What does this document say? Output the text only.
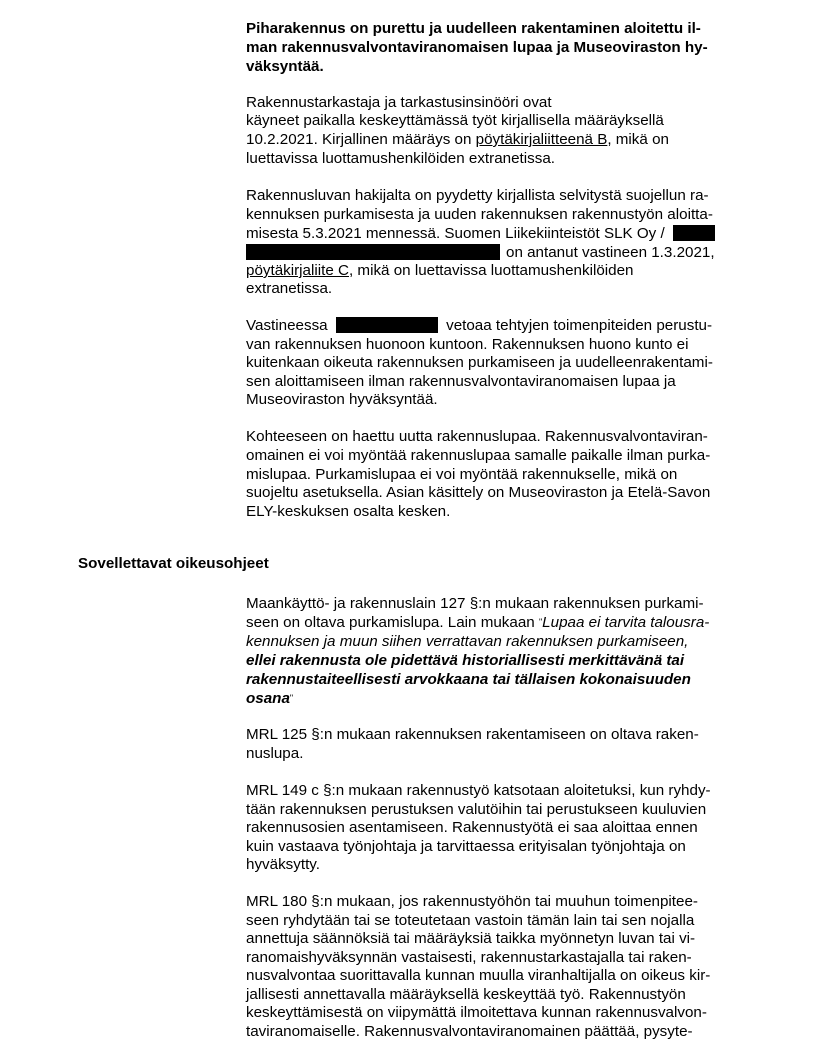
Piharakennus on purettu ja uudelleen rakentaminen aloitettu il-
man rakennusvalvontaviranomaisen lupaa ja Museoviraston hy-
väksyntää.
Rakennustarkastaja ja tarkastusinsinööri ovat
käyneet paikalla keskeyttämässä työt kirjallisella määräyksellä
10.2.2021. Kirjallinen määräys on pöytäkirjaliitteenä B, mikä on
luettavissa luottamushenkilöiden extranetissa.
Rakennusluvan hakijalta on pyydetty kirjallista selvitystä suojellun ra-
kennuksen purkamisesta ja uuden rakennuksen rakennustyön aloitta-
misesta 5.3.2021 mennessä. Suomen Liikekiinteistöt SLK Oy /
on antanut vastineen 1.3.2021,
pöytäkirjaliite C, mikä on luettavissa luottamushenkilöiden
extranetissa.
Vastineessa	vetoaa tehtyjen toimenpiteiden perustu-
van rakennuksen huonoon kuntoon. Rakennuksen huono kunto ei
kuitenkaan oikeuta rakennuksen purkamiseen ja uudelleenrakentami-
sen aloittamiseen ilman rakennusvalvontaviranomaisen lupaa ja
Museoviraston hyväksyntää.
Kohteeseen on haettu uutta rakennuslupaa. Rakennusvalvontaviran-
omainen ei voi myöntää rakennuslupaa samalle paikalle ilman purka-
mislupaa. Purkamislupaa ei voi myöntää rakennukselle, mikä on
suojeltu asetuksella. Asian käsittely on Museoviraston ja Etelä-Savon
ELY-keskuksen osalta kesken.
Sovellettavat oikeusohjeet
Maankäyttö- ja rakennuslain 127 §:n mukaan rakennuksen purkami-
seen on oltava purkamislupa. Lain mukaan "Lupaa ei tarvita talousra-
kennuksen ja muun siihen verrattavan rakennuksen purkamiseen,
ellei rakennusta ole pidettävä historiallisesti merkittävänä tai
rakennustaiteellisesti arvokkaana tai tällaisen kokonaisuuden
osana"
MRL 125 §:n mukaan rakennuksen rakentamiseen on oltava raken-
nuslupa.
MRL 149 c §:n mukaan rakennustyö katsotaan aloitetuksi, kun ryhdy-
tään rakennuksen perustuksen valutöihin tai perustukseen kuuluvien
rakennusosien asentamiseen. Rakennustyötä ei saa aloittaa ennen
kuin vastaava työnjohtaja ja tarvittaessa erityisalan työnjohtaja on
hyväksytty.
MRL 180 §:n mukaan, jos rakennustyöhön tai muuhun toimenpitee-
seen ryhdytään tai se toteutetaan vastoin tämän lain tai sen nojalla
annettuja säännöksiä tai määräyksiä taikka myönnetyn luvan tai vi-
ranomaishyväksynnän vastaisesti, rakennustarkastajalla tai raken-
nusvalvontaa suorittavalla kunnan muulla viranhaltijalla on oikeus kir-
jallisesti annettavalla määräyksellä keskeyttää työ. Rakennustyön
keskeyttämisestä on viipymättä ilmoitettava kunnan rakennusvalvon-
taviranomaiselle. Rakennusvalvontaviranomainen päättää, pysyte-
